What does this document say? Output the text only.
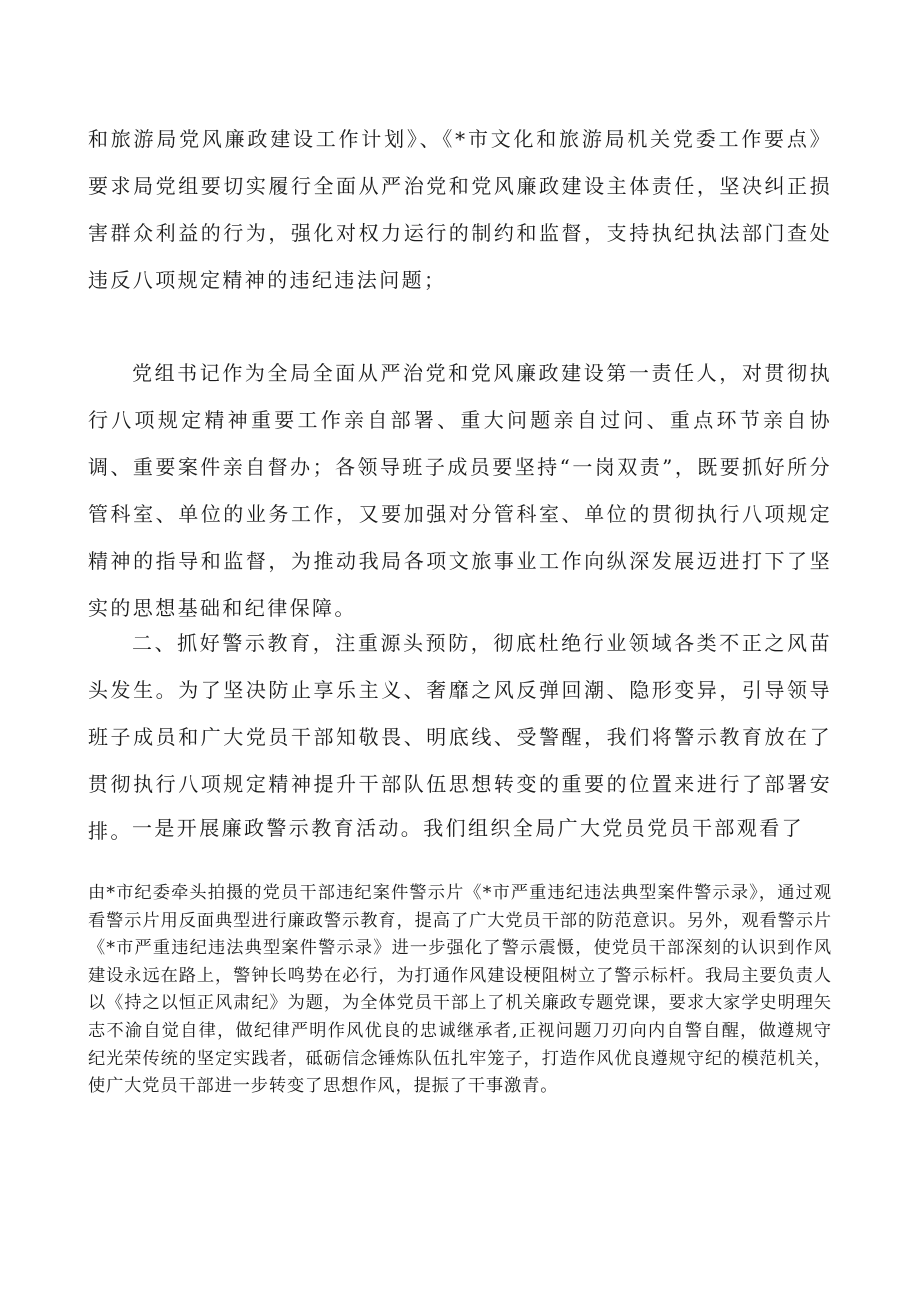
和旅游局党风廉政建设工作计划》、《*市文化和旅游局机关党委工作要点》要求局党组要切实履行全面从严治党和党风廉政建设主体责任，坚决纠正损害群众利益的行为，强化对权力运行的制约和监督，支持执纪执法部门查处违反八项规定精神的违纪违法问题；

党组书记作为全局全面从严治党和党风廉政建设第一责任人，对贯彻执行八项规定精神重要工作亲自部署、重大问题亲自过问、重点环节亲自协调、重要案件亲自督办；各领导班子成员要坚持“一岗双责”，既要抓好所分管科室、单位的业务工作，又要加强对分管科室、单位的贯彻执行八项规定精神的指导和监督，为推动我局各项文旅事业工作向纵深发展迈进打下了坚实的思想基础和纪律保障。

二、抓好警示教育，注重源头预防，彻底杜绝行业领域各类不正之风苗头发生。为了坚决防止享乐主义、奢靡之风反弹回潮、隐形变异，引导领导班子成员和广大党员干部知敬畏、明底线、受警醒，我们将警示教育放在了贯彻执行八项规定精神提升干部队伍思想转变的重要的位置来进行了部署安排。 一是开展廉政警示教育活动。我们组织全局广大党员党员干部观看了

由*市纪委牵头拍摄的党员干部违纪案件警示片《*市严重违纪违法典型案件警示录》，通过观看警示片用反面典型进行廉政警示教育，提高了广大党员干部的防范意识。另外，观看警示片《*市严重违纪违法典型案件警示录》进一步强化了警示震慑，使党员干部深刻的认识到作风建设永远在路上，警钟长鸣势在必行，为打通作风建设梗阻树立了警示标杆。我局主要负责人以《持之以恒正风肃纪》为题，为全体党员干部上了机关廉政专题党课，要求大家学史明理矢志不渝自觉自律，做纪律严明作风优良的忠诚继承者,正视问题刀刃向内自警自醒，做遵规守纪光荣传统的坚定实践者，砥砺信念锤炼队伍扎牢笼子，打造作风优良遵规守纪的模范机关，使广大党员干部进一步转变了思想作风，提振了干事激青。
